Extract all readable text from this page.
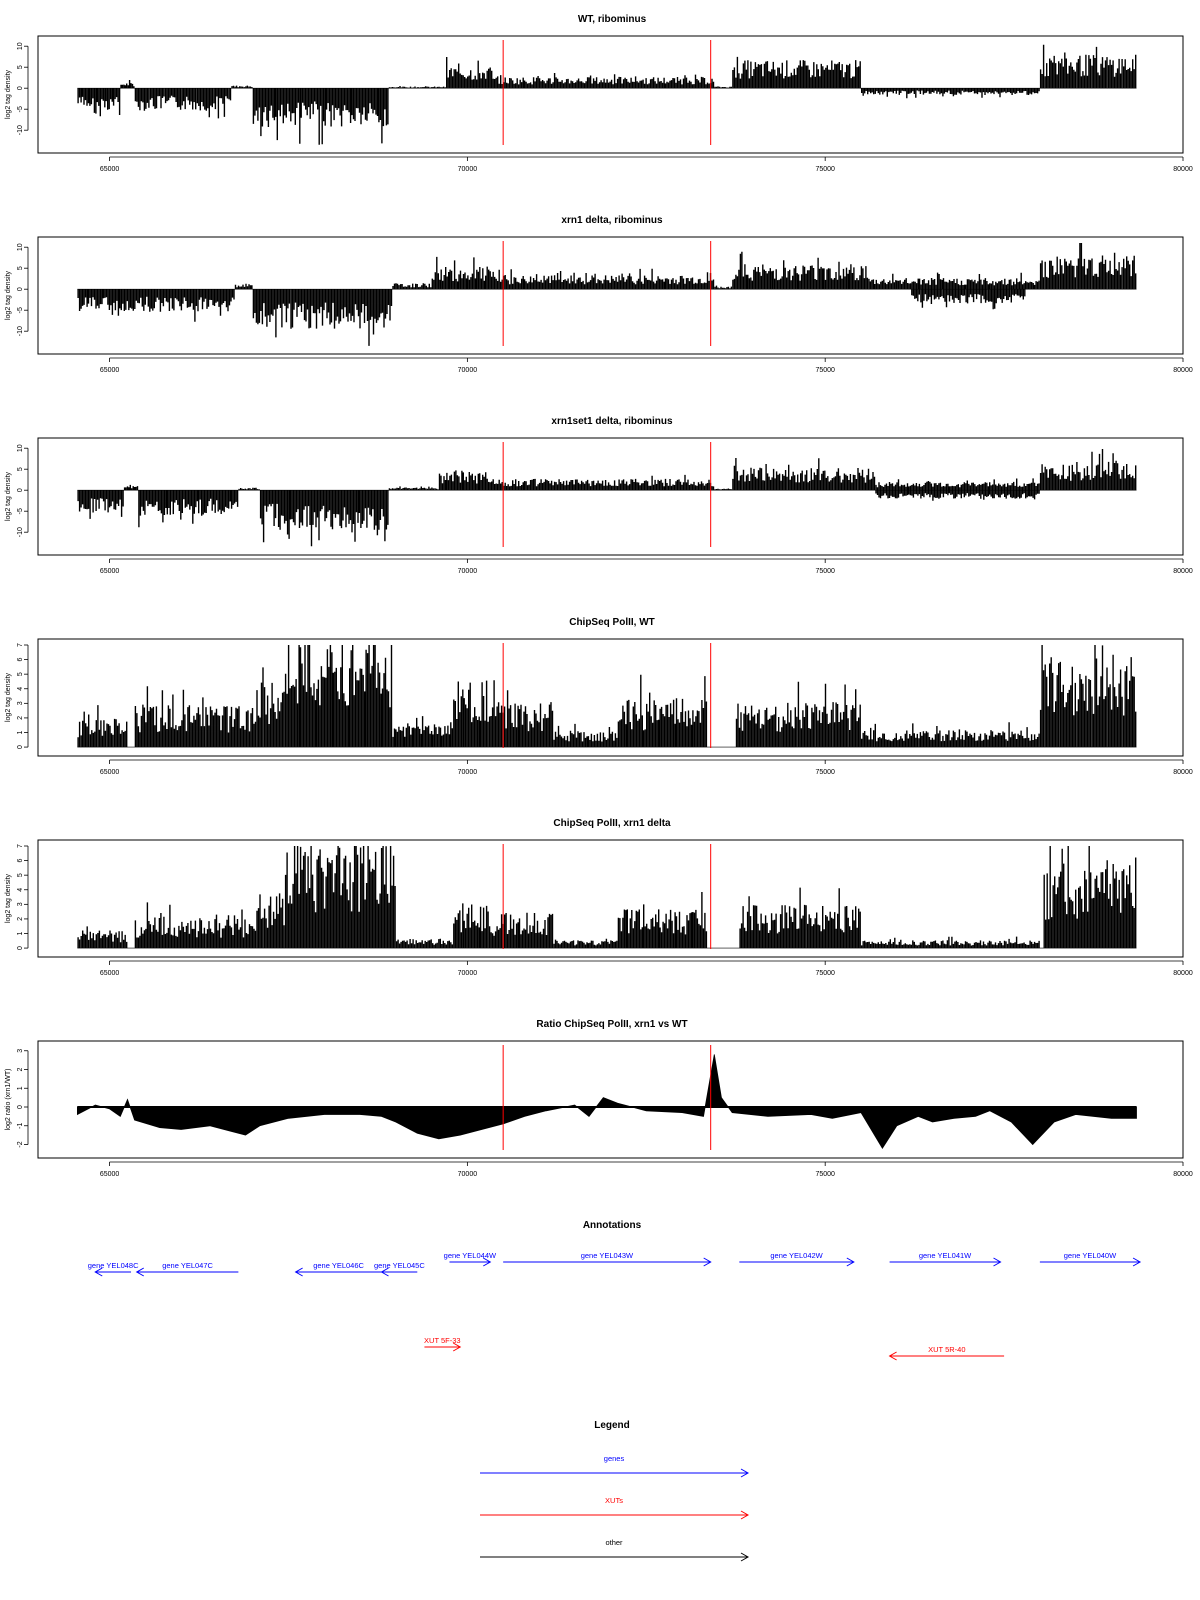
WT, ribominus
-10
-5
0
5
10
log2 tag density
65000	70000	75000	80000
xrn1 delta, ribominus
-10
-5
0
5
10
log2 tag density
65000	70000	75000	80000
xrn1set1 delta, ribominus
-10
-5
0
5
10
log2 tag density
65000	70000	75000	80000
ChipSeq PolII, WT
0
1
2
3
4
5
6
7
log2 tag density
65000	70000	75000	80000
ChipSeq PolII, xrn1 delta
0
1
2
3
4
5
6
7
log2 tag density
65000	70000	75000	80000
Ratio ChipSeq PolII, xrn1 vs WT
-2
-1
0
1
2
3
log2 ratio (xrn1/WT)
65000	70000	75000	80000
Annotations
gene YEL048C	gene YEL047C	gene YEL046C gene YEL045C
gene YEL044W	gene YEL043W	gene YEL042W	gene YEL041W	gene YEL040W
XUT 5F-33
XUT 5R-40
Legend
genes
XUTs
other
